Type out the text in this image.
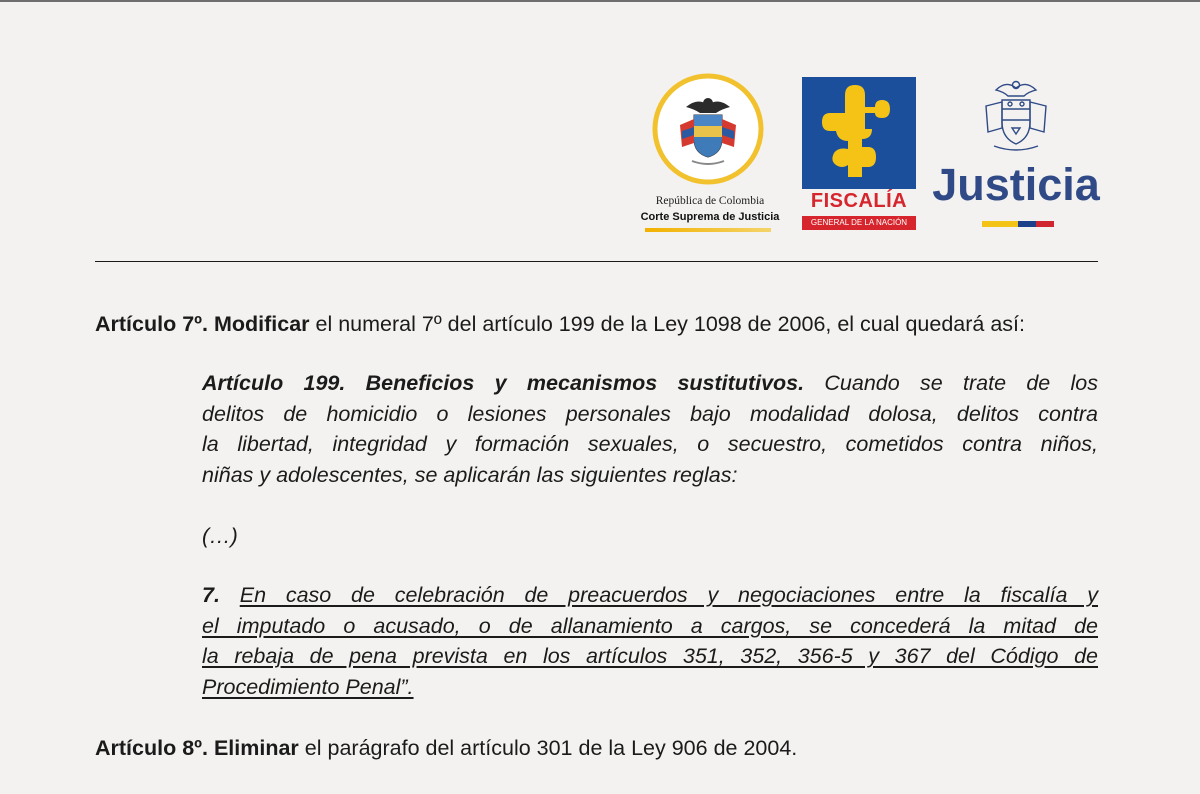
República de Colombia
Corte Suprema de Justicia
FISCALÍA
GENERAL DE LA NACIÓN
Justicia
Artículo 7º. Modificar el numeral 7º del artículo 199 de la Ley 1098 de 2006, el cual quedará así:
Artículo 199. Beneficios y mecanismos sustitutivos. Cuando se trate de los
delitos de homicidio o lesiones personales bajo modalidad dolosa, delitos contra
la libertad, integridad y formación sexuales, o secuestro, cometidos contra niños,
niñas y adolescentes, se aplicarán las siguientes reglas:
(…)
7. En caso de celebración de preacuerdos y negociaciones entre la fiscalía y
el imputado o acusado, o de allanamiento a cargos, se concederá la mitad de
la rebaja de pena prevista en los artículos 351, 352, 356-5 y 367 del Código de
Procedimiento Penal”.
Artículo 8º. Eliminar el parágrafo del artículo 301 de la Ley 906 de 2004.
